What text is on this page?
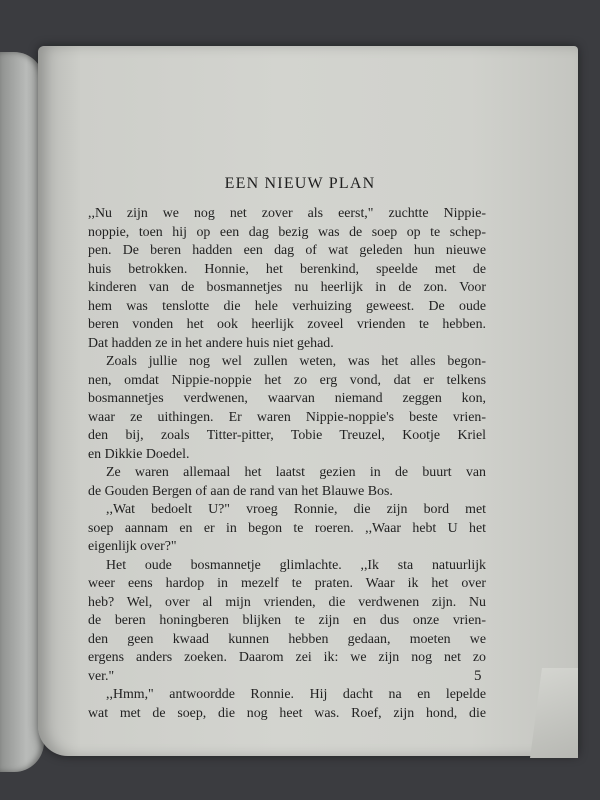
EEN NIEUW PLAN
,,Nu zijn we nog net zover als eerst," zuchtte Nippie-
noppie, toen hij op een dag bezig was de soep op te schep-
pen. De beren hadden een dag of wat geleden hun nieuwe
huis betrokken. Honnie, het berenkind, speelde met de
kinderen van de bosmannetjes nu heerlijk in de zon. Voor
hem was tenslotte die hele verhuizing geweest. De oude
beren vonden het ook heerlijk zoveel vrienden te hebben.
Dat hadden ze in het andere huis niet gehad.
Zoals jullie nog wel zullen weten, was het alles begon-
nen, omdat Nippie-noppie het zo erg vond, dat er telkens
bosmannetjes verdwenen, waarvan niemand zeggen kon,
waar ze uithingen. Er waren Nippie-noppie's beste vrien-
den bij, zoals Titter-pitter, Tobie Treuzel, Kootje Kriel
en Dikkie Doedel.
Ze waren allemaal het laatst gezien in de buurt van
de Gouden Bergen of aan de rand van het Blauwe Bos.
,,Wat bedoelt U?" vroeg Ronnie, die zijn bord met
soep aannam en er in begon te roeren. ,,Waar hebt U het
eigenlijk over?"
Het oude bosmannetje glimlachte. ,,Ik sta natuurlijk
weer eens hardop in mezelf te praten. Waar ik het over
heb? Wel, over al mijn vrienden, die verdwenen zijn. Nu
de beren honingberen blijken te zijn en dus onze vrien-
den geen kwaad kunnen hebben gedaan, moeten we
ergens anders zoeken. Daarom zei ik: we zijn nog net zo
ver."
,,Hmm," antwoordde Ronnie. Hij dacht na en lepelde
wat met de soep, die nog heet was. Roef, zijn hond, die
5
